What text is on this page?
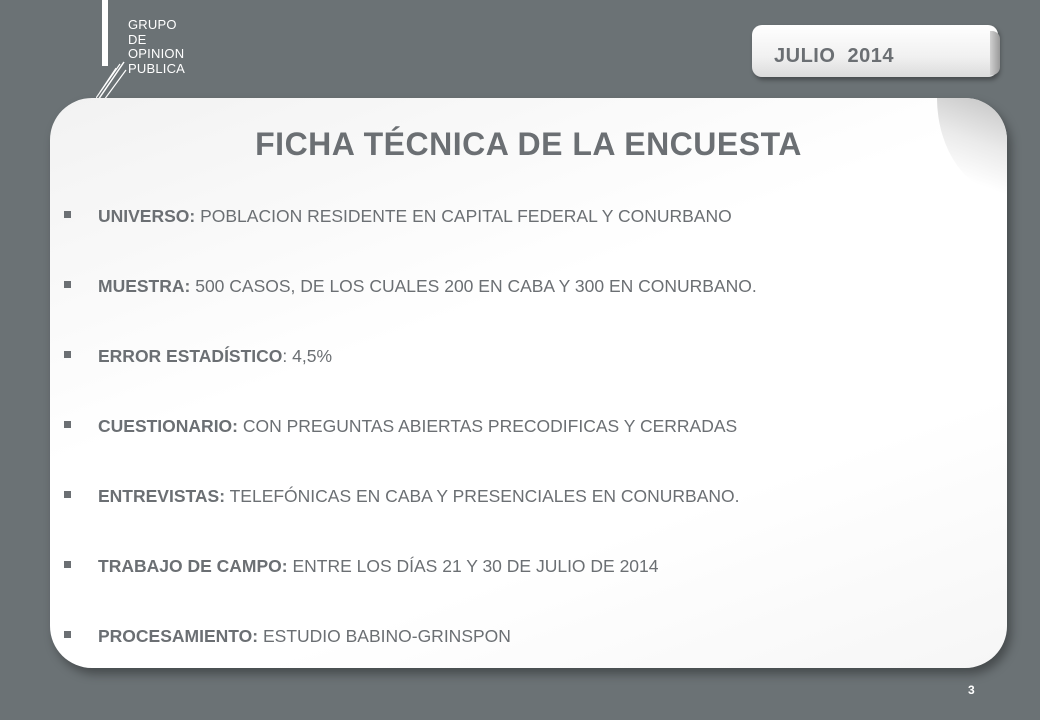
GRUPO
DE
OPINION
PUBLICA
JULIO  2014
FICHA TÉCNICA DE LA ENCUESTA
UNIVERSO: POBLACION RESIDENTE EN CAPITAL FEDERAL Y CONURBANO
MUESTRA: 500 CASOS, DE LOS CUALES 200 EN CABA Y 300 EN CONURBANO.
ERROR ESTADÍSTICO: 4,5%
CUESTIONARIO: CON PREGUNTAS ABIERTAS PRECODIFICAS Y CERRADAS
ENTREVISTAS: TELEFÓNICAS EN CABA Y PRESENCIALES EN CONURBANO.
TRABAJO DE CAMPO: ENTRE LOS DÍAS 21 Y 30 DE JULIO DE 2014
PROCESAMIENTO: ESTUDIO BABINO-GRINSPON
3
